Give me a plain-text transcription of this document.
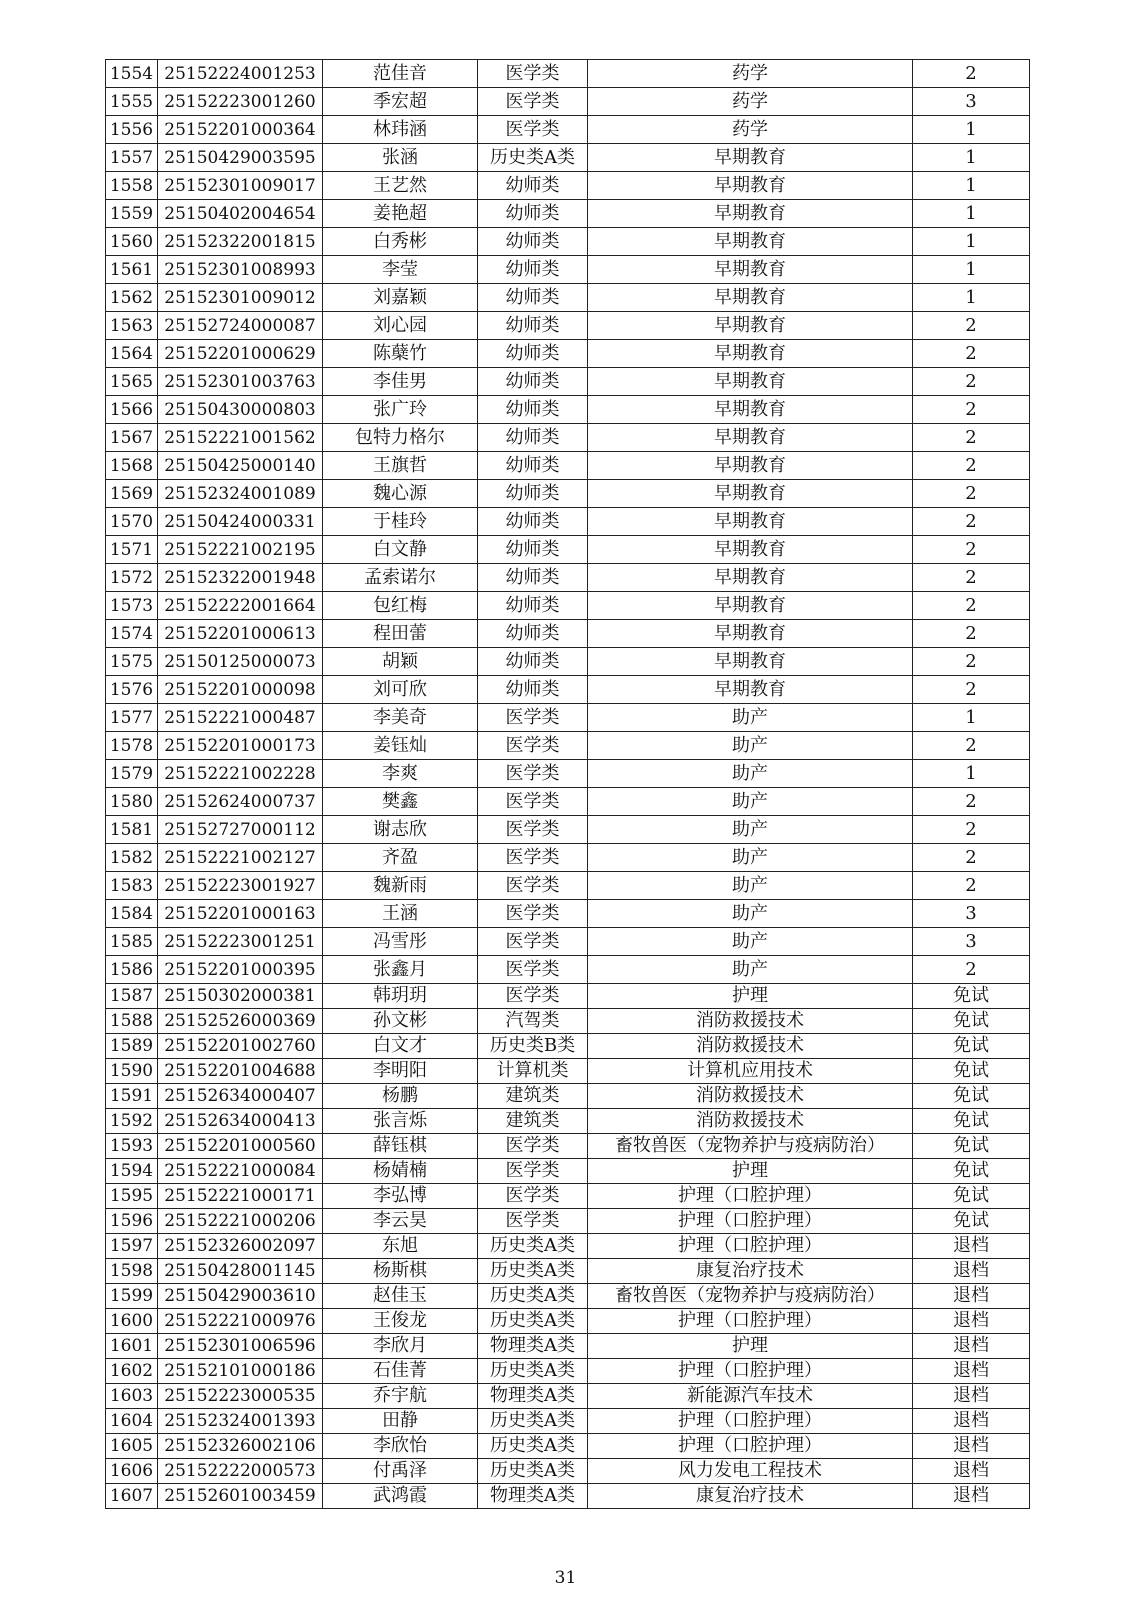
1554	25152224001253	范佳音	医学类	药学	2
1555	25152223001260	季宏超	医学类	药学	3
1556	25152201000364	林玮涵	医学类	药学	1
1557	25150429003595	张涵	历史类A类	早期教育	1
1558	25152301009017	王艺然	幼师类	早期教育	1
1559	25150402004654	姜艳超	幼师类	早期教育	1
1560	25152322001815	白秀彬	幼师类	早期教育	1
1561	25152301008993	李莹	幼师类	早期教育	1
1562	25152301009012	刘嘉颖	幼师类	早期教育	1
1563	25152724000087	刘心园	幼师类	早期教育	2
1564	25152201000629	陈蘖竹	幼师类	早期教育	2
1565	25152301003763	李佳男	幼师类	早期教育	2
1566	25150430000803	张广玲	幼师类	早期教育	2
1567	25152221001562	包特力格尔	幼师类	早期教育	2
1568	25150425000140	王旗哲	幼师类	早期教育	2
1569	25152324001089	魏心源	幼师类	早期教育	2
1570	25150424000331	于桂玲	幼师类	早期教育	2
1571	25152221002195	白文静	幼师类	早期教育	2
1572	25152322001948	孟索诺尔	幼师类	早期教育	2
1573	25152222001664	包红梅	幼师类	早期教育	2
1574	25152201000613	程田蕾	幼师类	早期教育	2
1575	25150125000073	胡颖	幼师类	早期教育	2
1576	25152201000098	刘可欣	幼师类	早期教育	2
1577	25152221000487	李美奇	医学类	助产	1
1578	25152201000173	姜钰灿	医学类	助产	2
1579	25152221002228	李爽	医学类	助产	1
1580	25152624000737	樊鑫	医学类	助产	2
1581	25152727000112	谢志欣	医学类	助产	2
1582	25152221002127	齐盈	医学类	助产	2
1583	25152223001927	魏新雨	医学类	助产	2
1584	25152201000163	王涵	医学类	助产	3
1585	25152223001251	冯雪彤	医学类	助产	3
1586	25152201000395	张鑫月	医学类	助产	2
1587	25150302000381	韩玥玥	医学类	护理	免试
1588	25152526000369	孙文彬	汽驾类	消防救援技术	免试
1589	25152201002760	白文才	历史类B类	消防救援技术	免试
1590	25152201004688	李明阳	计算机类	计算机应用技术	免试
1591	25152634000407	杨鹏	建筑类	消防救援技术	免试
1592	25152634000413	张言烁	建筑类	消防救援技术	免试
1593	25152201000560	薛钰棋	医学类	畜牧兽医（宠物养护与疫病防治）	免试
1594	25152221000084	杨婧楠	医学类	护理	免试
1595	25152221000171	李弘博	医学类	护理（口腔护理）	免试
1596	25152221000206	李云昊	医学类	护理（口腔护理）	免试
1597	25152326002097	东旭	历史类A类	护理（口腔护理）	退档
1598	25150428001145	杨斯棋	历史类A类	康复治疗技术	退档
1599	25150429003610	赵佳玉	历史类A类	畜牧兽医（宠物养护与疫病防治）	退档
1600	25152221000976	王俊龙	历史类A类	护理（口腔护理）	退档
1601	25152301006596	李欣月	物理类A类	护理	退档
1602	25152101000186	石佳菁	历史类A类	护理（口腔护理）	退档
1603	25152223000535	乔宇航	物理类A类	新能源汽车技术	退档
1604	25152324001393	田静	历史类A类	护理（口腔护理）	退档
1605	25152326002106	李欣怡	历史类A类	护理（口腔护理）	退档
1606	25152222000573	付禹泽	历史类A类	风力发电工程技术	退档
1607	25152601003459	武鸿霞	物理类A类	康复治疗技术	退档
31
